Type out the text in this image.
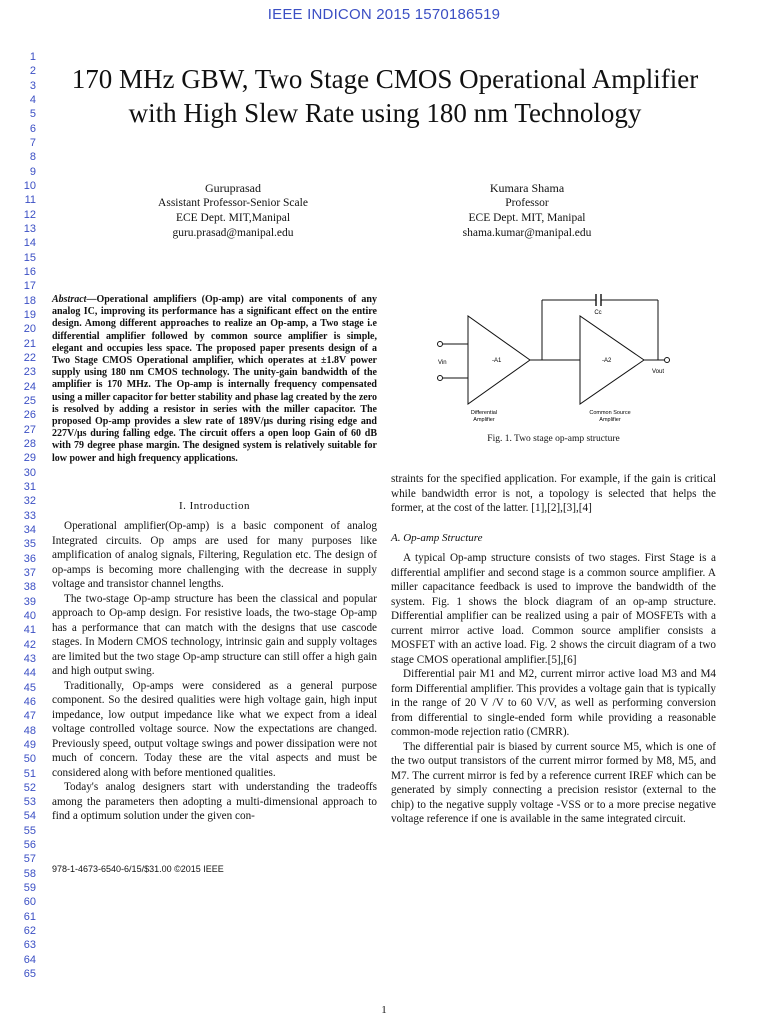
IEEE INDICON 2015 1570186519
1
2
3
4
5
6
7
8
9
10
11
12
13
14
15
16
17
18
19
20
21
22
23
24
25
26
27
28
29
30
31
32
33
34
35
36
37
38
39
40
41
42
43
44
45
46
47
48
49
50
51
52
53
54
55
56
57
58
59
60
61
62
63
64
65
170 MHz GBW, Two Stage CMOS Operational Amplifier with High Slew Rate using 180 nm Technology
Guruprasad
Assistant Professor-Senior Scale
ECE Dept. MIT,Manipal
guru.prasad@manipal.edu
Kumara Shama
Professor
ECE Dept. MIT, Manipal
shama.kumar@manipal.edu
Abstract—Operational amplifiers (Op-amp) are vital components of any analog IC, improving its performance has a significant effect on the entire design. Among different approaches to realize an Op-amp, a Two stage i.e differential amplifier followed by common source amplifier is simple, elegant and occupies less space. The proposed paper presents design of a Two Stage CMOS Operational amplifier, which operates at ±1.8V power supply using 180 nm CMOS technology. The unity-gain bandwidth of the amplifier is 170 MHz. The Op-amp is internally frequency compensated using a miller capacitor for better stability and phase lag created by the zero is resolved by adding a resistor in series with the miller capacitor. The proposed Op-amp provides a slew rate of 189V/μs during rising edge and 227V/μs during falling edge. The circuit offers a open loop Gain of 60 dB with 79 degree phase margin. The designed system is relatively suitable for low power and high frequency applications.
I. Introduction

Operational amplifier(Op-amp) is a basic component of analog Integrated circuits. Op amps are used for many purposes like amplification of analog signals, Filtering, Regulation etc. The design of op-amps is becoming more challenging with the decrease in supply voltage and transistor channel lengths.

The two-stage Op-amp structure has been the classical and popular approach to Op-amp design. For resistive loads, the two-stage Op-amp has a performance that can match with the designs that use cascode stages. In Modern CMOS technology, intrinsic gain and supply voltages are limited but the two stage Op-amp structure can still offer a high gain and high output swing.

Traditionally, Op-amps were considered as a general purpose component. So the desired qualities were high voltage gain, high input impedance, low output impedance like what we expect from a ideal voltage controlled voltage source. Now the expectations are changed. Previously speed, output voltage swings and power dissipation were not much of concern. Today these are the vital aspects and must be considered along with before mentioned qualities.

Today's analog designers start with understanding the tradeoffs among the parameters then adopting a multi-dimensional approach to find a optimum solution under the given con-

978-1-4673-6540-6/15/$31.00 ©2015 IEEE
Cc
Vin	-A1	-A2
Vout
Differential
Amplifier
Common Source
Amplifier
Fig. 1. Two stage op-amp structure

straints for the specified application. For example, if the gain is critical while bandwidth error is not, a topology is selected that helps the former, at the cost of the latter. [1],[2],[3],[4]

A. Op-amp Structure

A typical Op-amp structure consists of two stages. First Stage is a differential amplifier and second stage is a common source amplifier. A miller capacitance feedback is used to improve the bandwidth of the system. Fig. 1 shows the block diagram of an op-amp structure. Differential amplifier can be realized using a pair of MOSFETs with a current mirror active load. Common source amplifier consists a MOSFET with an active load. Fig. 2 shows the circuit diagram of a two stage CMOS operational amplifier.[5],[6]

Differential pair M1 and M2, current mirror active load M3 and M4 form Differential amplifier. This provides a voltage gain that is typically in the range of 20 V /V to 60 V/V, as well as performing conversion from differential to single-ended form while providing a reasonable common-mode rejection ratio (CMRR).

The differential pair is biased by current source M5, which is one of the two output transistors of the current mirror formed by M8, M5, and M7. The current mirror is fed by a reference current IREF which can be generated by simply connecting a precision resistor (external to the chip) to the negative supply voltage -VSS or to a more precise negative voltage reference if one is available in the same integrated circuit.

1
